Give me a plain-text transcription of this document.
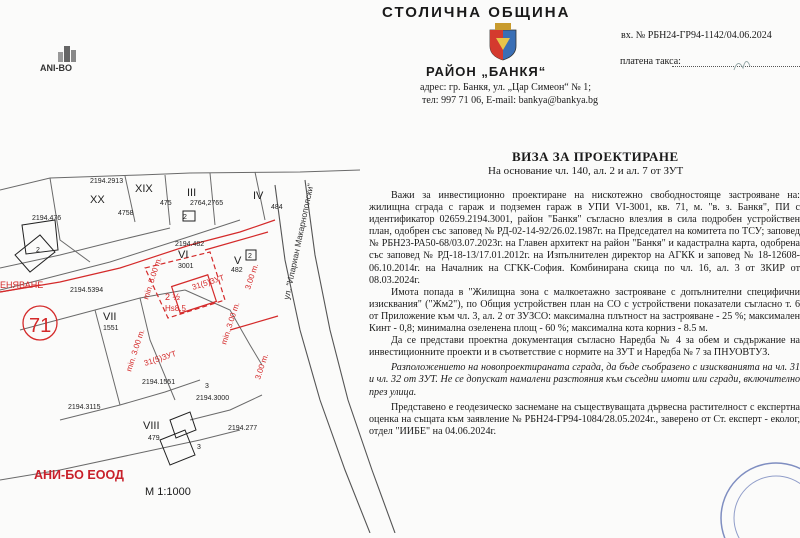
71
ЕНЯВАНЕ	ул. "Илариан Макарнополски"
XIX
XX
III	IV
V
VI
VII
VIII
2194.2913
4758
2194.476
475	2764,2765
484
2194.482
482
3001
2194.5394
1551
2194.1551
2194.3115
2194.3000
479
2194.277
2
2
3
3
2
min. 5.00 m.
min. 3.00 m.
min. 3.00 m.
3.00 m.
3.00 m.
31(5)ЗУТ
31(5)ЗУТ
2 ½
Hs8.5
ANI-BO
АНИ-БО ЕООД
М 1:1000
СТОЛИЧНА ОБЩИНА
РАЙОН „БАНКЯ“
адрес: гр. Банкя, ул. „Цар Симеон“ № 1;
тел: 997 71 06, E-mail: bankya@bankya.bg
вх. № РБН24-ГР94-1142/04.06.2024
платена такса:
ВИЗА ЗА ПРОЕКТИРАНЕ
На основание чл. 140, ал. 2 и ал. 7 от ЗУТ

Важи за инвестиционно проектиране на нискотежно свободностояще застрояване на: жилищна сграда с гараж и подземен гараж в УПИ VI-3001, кв. 71, м. "в. з. Банкя", ПИ с идентификатор 02659.2194.3001, район "Банкя" съгласно влезлия в сила подробен устройствен план, одобрен със заповед № РД-02-14-92/26.02.1987г. на Председател на комитета по ТСУ; заповед № РБН23-РА50-68/03.07.2023г. на Главен архитект на район "Банкя" и кадастрална карта, одобрена със заповед № РД-18-13/17.01.2012г. на Изпълнителен директор на АГКК и заповед № 18-12608-06.10.2014г. на Началник на СГКК-София. Комбинирана скица по чл. 16, ал. 3 от ЗКИР от 08.03.2024г.

Имота попада в "Жилищна зона с малкоетажно застрояване с допълнителни специфични изисквания" ("Жм2"), по Общия устройствен план на СО с устройствени показатели съгласно т. 6 от Приложение към чл. 3, ал. 2 от ЗУЗСО: максимална плътност на застрояване - 25 %; максимален Кинт - 0,8; минимална озеленена площ - 60 %; максимална кота корниз - 8.5 м.

Да се представи проектна документация съгласно Наредба № 4 за обем и съдържание на инвестиционните проекти и в съответствие с нормите на ЗУТ и Наредба № 7 за ПНУОВТУЗ.

Разположението на новопроектираната сграда, да бъде съобразено с изискванията на чл. 31 и чл. 32 от ЗУТ. Не се допускат намалени разстояния към съседни имоти или сгради, включително през улица.

Представено е геодезическо заснемане на съществуващата дървесна растителност с експертна оценка на същата към заявление № РБН24-ГР94-1084/28.05.2024г., заверено от Ст. експерт - еколог, отдел "ИИБЕ" на 04.06.2024г.
